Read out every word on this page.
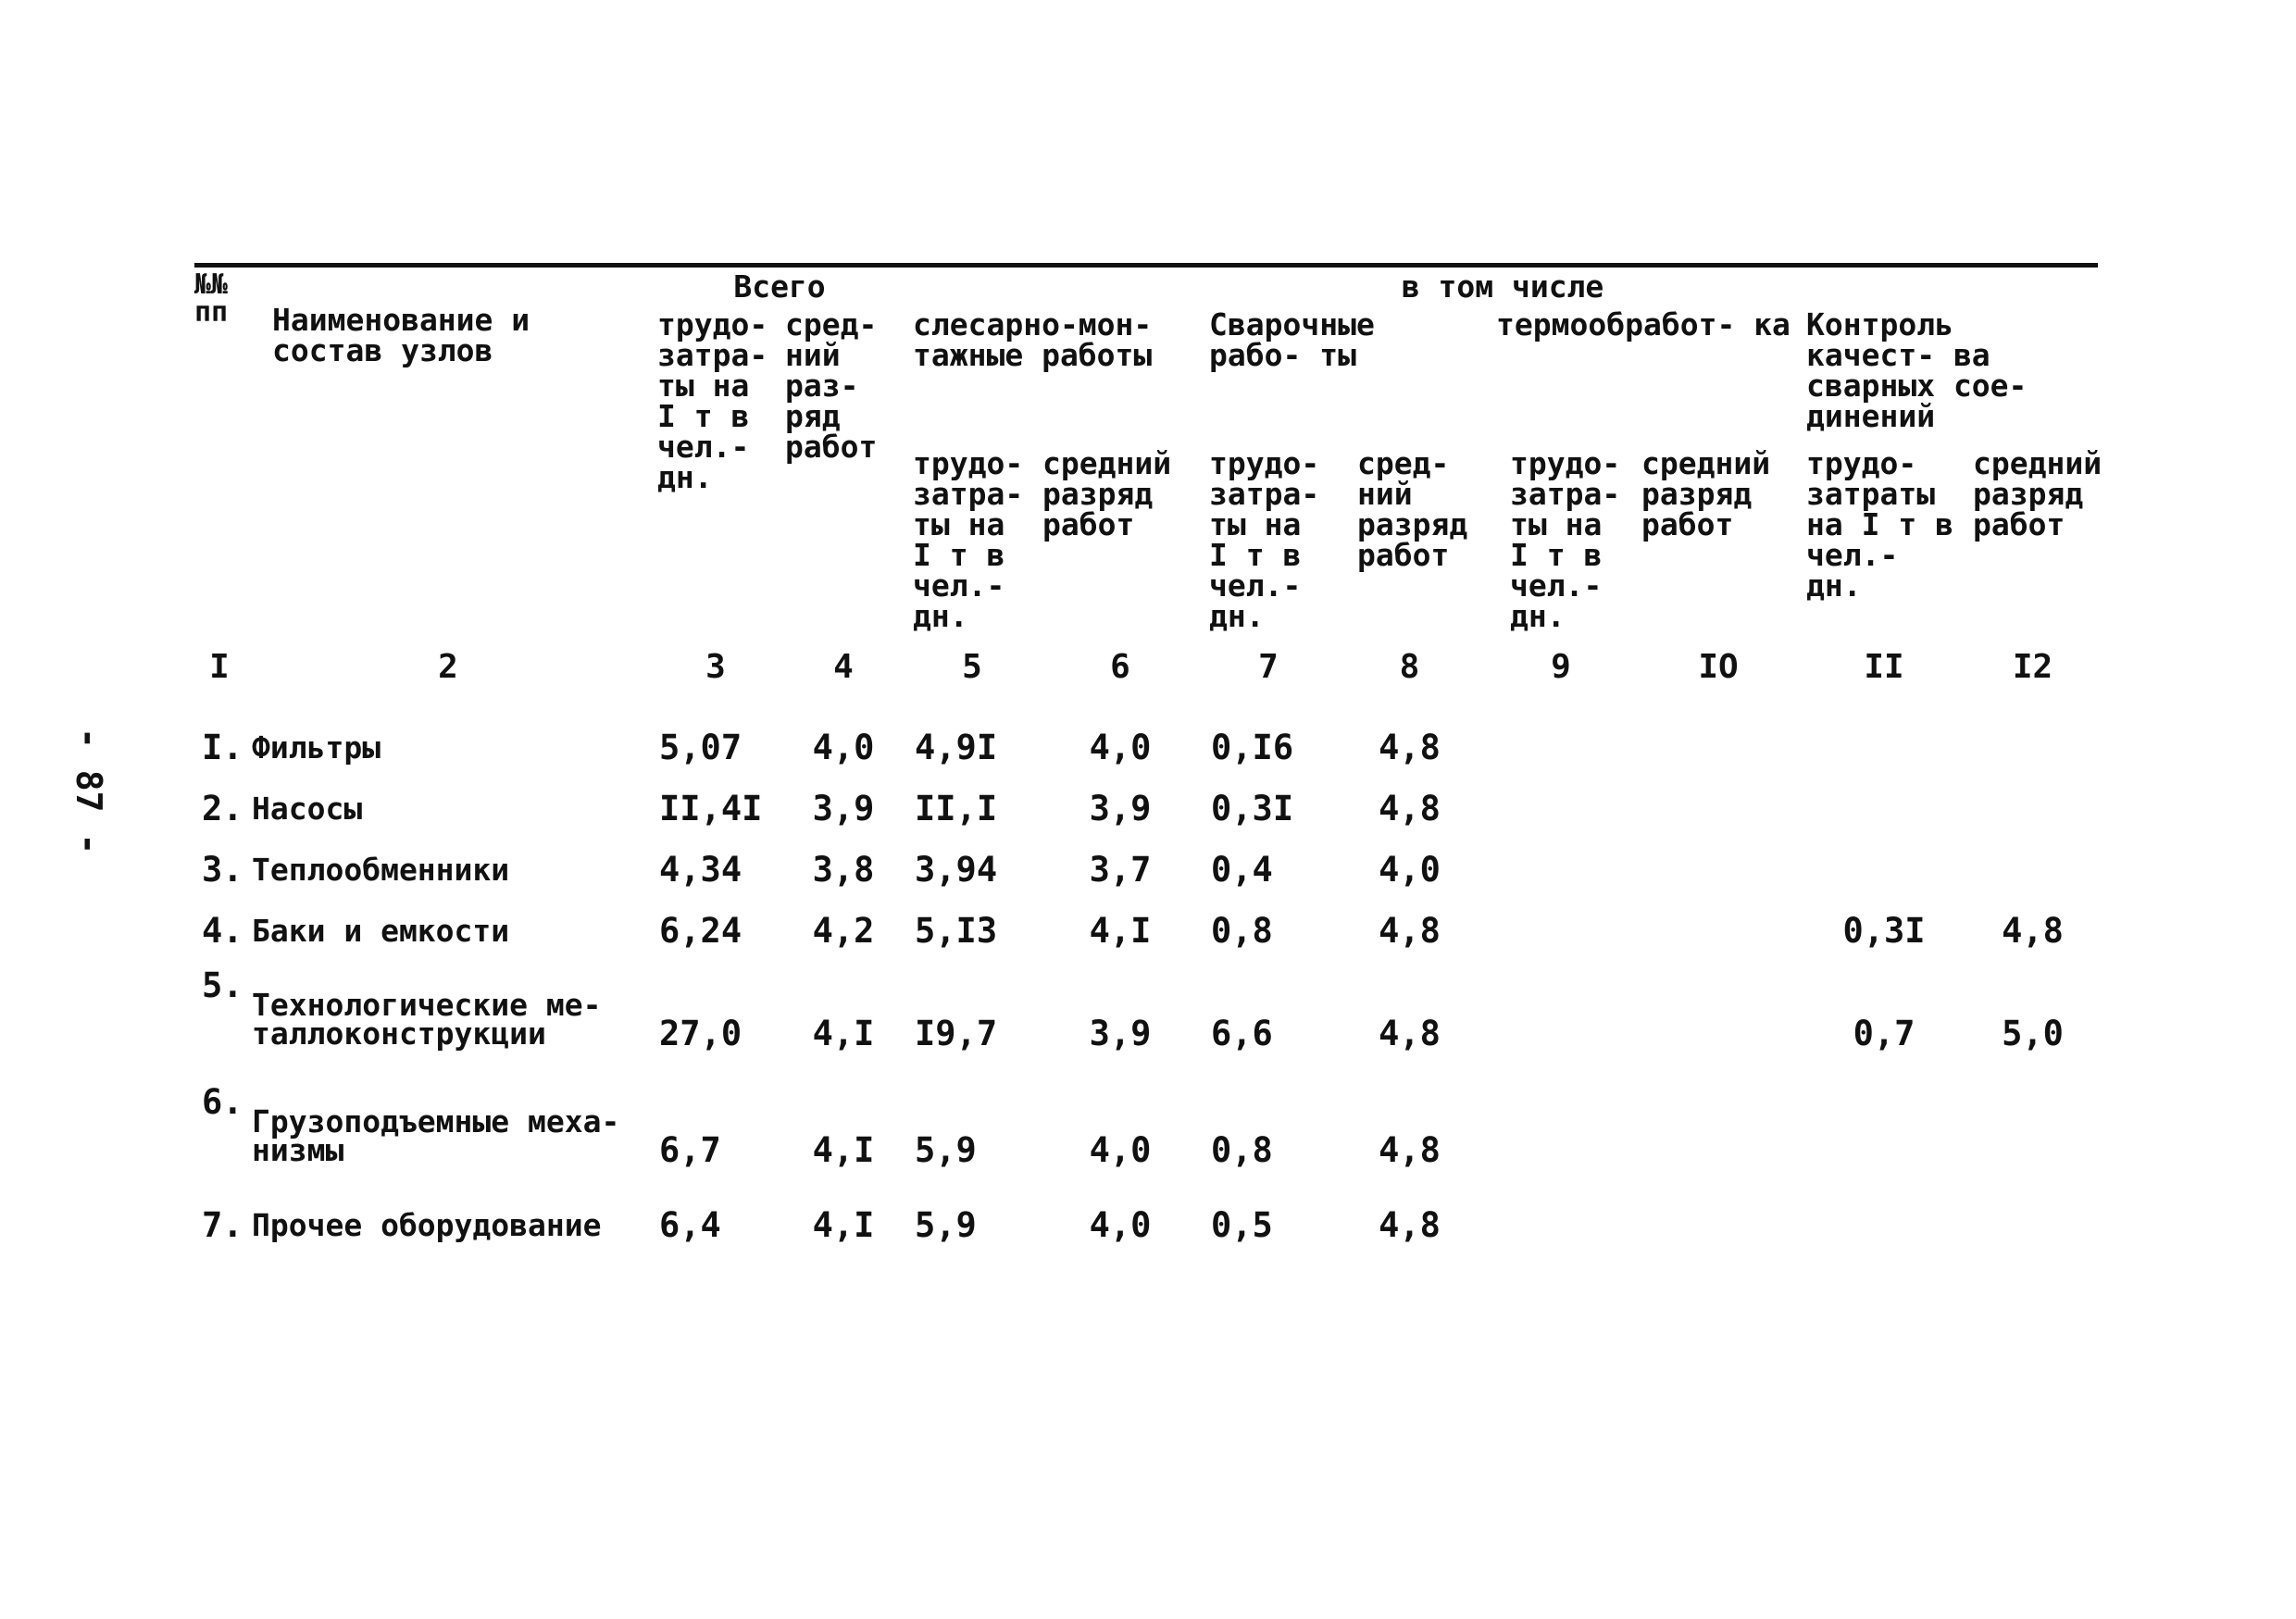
- 87 -
№№ пп	Наименование и состав узлов	Всего		в том числе							
		трудо- затра- ты на I т в чел.- дн.	сред- ний раз- ряд работ	слесарно-мон- тажные работы		Сварочные рабо- ты		термообработ- ка		Контроль качест- ва сварных сое- динений	
				трудо- затра- ты на I т в чел.- дн.	средний разряд работ	трудо- затра- ты на I т в чел.- дн.	сред- ний разряд работ	трудо- затра- ты на I т в чел.- дн.	средний разряд работ	трудо- затраты на I т в чел.- дн.	средний разряд работ
I	2	3	4	5	6	7	8	9	IO	II	I2
I.	Фильтры	5,07	4,0	4,9I	4,0	0,I6	4,8				
2.	Насосы	II,4I	3,9	II,I	3,9	0,3I	4,8				
3.	Теплообменники	4,34	3,8	3,94	3,7	0,4	4,0				
4.	Баки и емкости	6,24	4,2	5,I3	4,I	0,8	4,8			0,3I	4,8
5.	Технологические ме- таллоконструкции	27,0	4,I	I9,7	3,9	6,6	4,8			0,7	5,0
6.	Грузоподъемные меха- низмы	6,7	4,I	5,9	4,0	0,8	4,8				
7.	Прочее оборудование	6,4	4,I	5,9	4,0	0,5	4,8				
